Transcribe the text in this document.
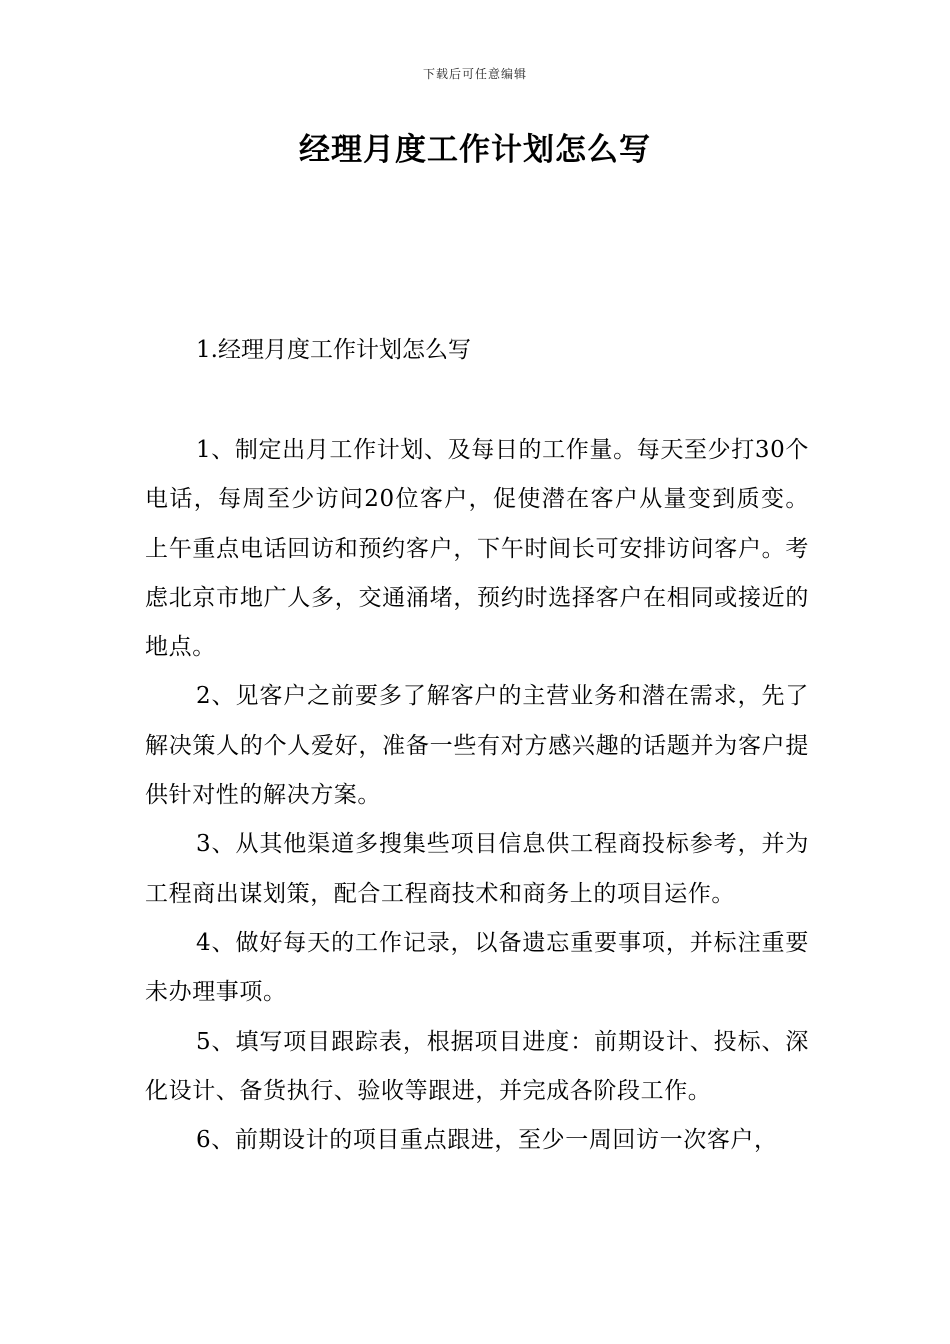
下载后可任意编辑
经理月度工作计划怎么写

1.经理月度工作计划怎么写

1、制定出月工作计划、及每日的工作量。每天至少打30个电话，每周至少访问20位客户，促使潜在客户从量变到质变。上午重点电话回访和预约客户，下午时间长可安排访问客户。考虑北京市地广人多，交通涌堵，预约时选择客户在相同或接近的地点。

2、见客户之前要多了解客户的主营业务和潜在需求，先了解决策人的个人爱好，准备一些有对方感兴趣的话题并为客户提供针对性的解决方案。

3、从其他渠道多搜集些项目信息供工程商投标参考，并为工程商出谋划策，配合工程商技术和商务上的项目运作。

4、做好每天的工作记录，以备遗忘重要事项，并标注重要未办理事项。

5、填写项目跟踪表，根据项目进度：前期设计、投标、深化设计、备货执行、验收等跟进，并完成各阶段工作。

6、前期设计的项目重点跟进，至少一周回访一次客户，
